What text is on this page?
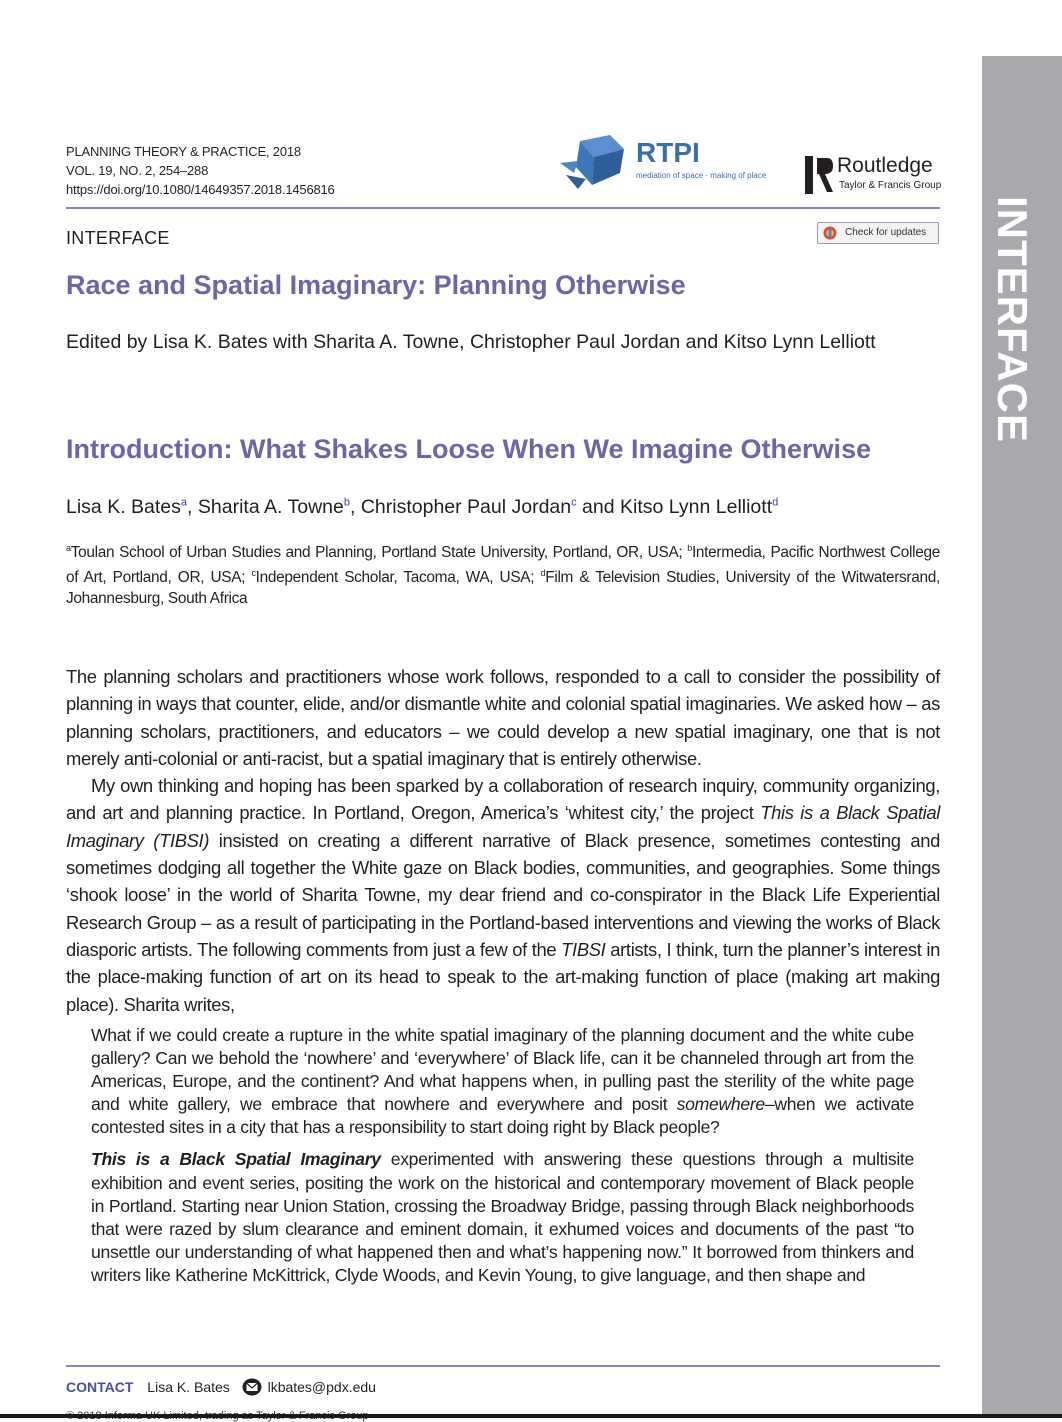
INTERFACE
PLANNING THEORY & PRACTICE, 2018
VOL. 19, NO. 2, 254–288
https://doi.org/10.1080/14649357.2018.1456816
RTPI
mediation of space · making of place	Routledge
Taylor & Francis Group
INTERFACE	Check for updates
Race and Spatial Imaginary: Planning Otherwise
Edited by Lisa K. Bates with Sharita A. Towne, Christopher Paul Jordan and Kitso Lynn Lelliott
Introduction: What Shakes Loose When We Imagine Otherwise
Lisa K. Bates$^a$, Sharita A. Towne$^b$, Christopher Paul Jordan$^c$ and Kitso Lynn Lelliott$^d$
$^a$Toulan School of Urban Studies and Planning, Portland State University, Portland, OR, USA; $^b$Intermedia, Pacific Northwest College of Art, Portland, OR, USA; $^c$Independent Scholar, Tacoma, WA, USA; $^d$Film & Television Studies, University of the Witwatersrand, Johannesburg, South Africa

The planning scholars and practitioners whose work follows, responded to a call to consider the possibility of planning in ways that counter, elide, and/or dismantle white and colonial spatial imaginaries. We asked how – as planning scholars, practitioners, and educators – we could develop a new spatial imaginary, one that is not merely anti-colonial or anti-racist, but a spatial imaginary that is entirely otherwise.

My own thinking and hoping has been sparked by a collaboration of research inquiry, community organizing, and art and planning practice. In Portland, Oregon, America’s ‘whitest city,’ the project This is a Black Spatial Imaginary (TIBSI) insisted on creating a different narrative of Black presence, sometimes contesting and sometimes dodging all together the White gaze on Black bodies, communities, and geographies. Some things ‘shook loose’ in the world of Sharita Towne, my dear friend and co-conspirator in the Black Life Experiential Research Group – as a result of participating in the Portland-based interventions and viewing the works of Black diasporic artists. The following comments from just a few of the TIBSI artists, I think, turn the planner’s interest in the place-making function of art on its head to speak to the art-making function of place (making art making place). Sharita writes,

What if we could create a rupture in the white spatial imaginary of the planning document and the white cube gallery? Can we behold the ‘nowhere’ and ‘everywhere’ of Black life, can it be channeled through art from the Americas, Europe, and the continent? And what happens when, in pulling past the sterility of the white page and white gallery, we embrace that nowhere and everywhere and posit somewhere–when we activate contested sites in a city that has a responsibility to start doing right by Black people?

This is a Black Spatial Imaginary experimented with answering these questions through a multisite exhibition and event series, positing the work on the historical and contemporary movement of Black people in Portland. Starting near Union Station, crossing the Broadway Bridge, passing through Black neighborhoods that were razed by slum clearance and eminent domain, it exhumed voices and documents of the past “to unsettle our understanding of what happened then and what’s happening now.” It borrowed from thinkers and writers like Katherine McKittrick, Clyde Woods, and Kevin Young, to give language, and then shape and

CONTACT Lisa K. Bates	lkbates@pdx.edu
